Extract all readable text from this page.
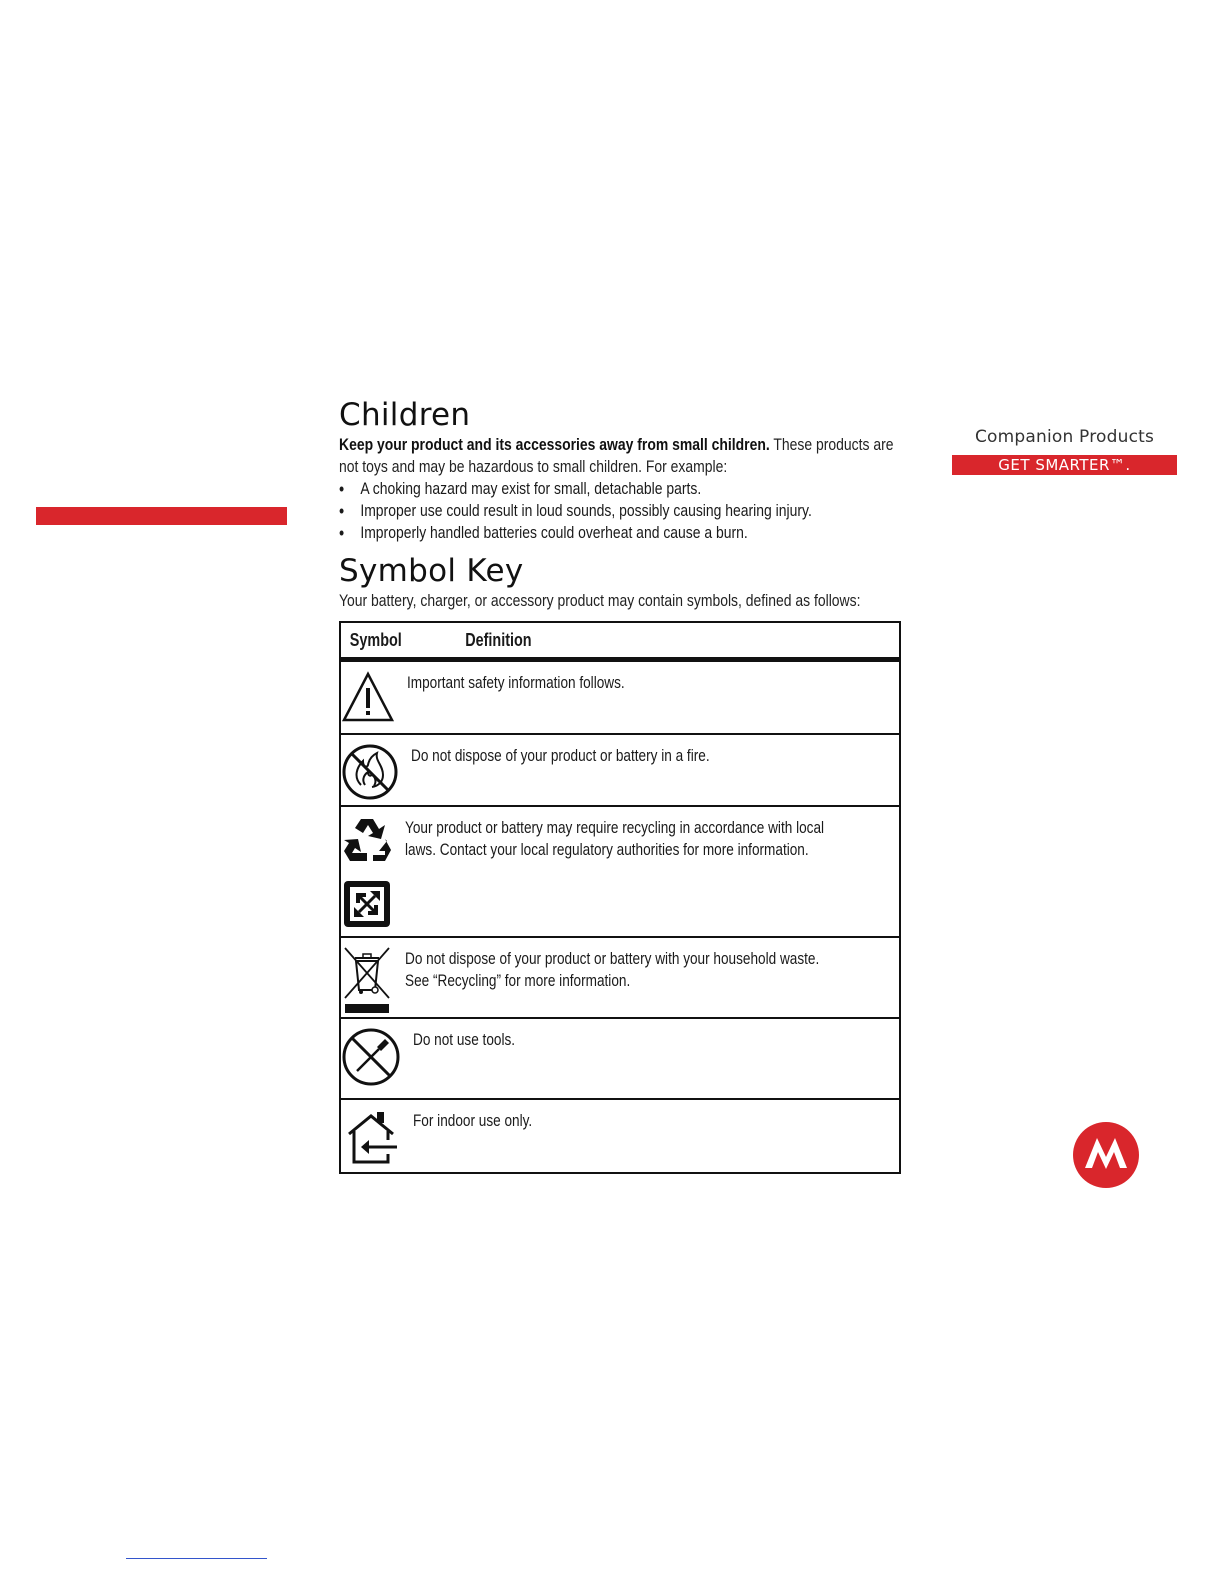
Companion Products
GET SMARTER™.
Children

Keep your product and its accessories away from small children. These products are not toys and may be hazardous to small children. For example:

• A choking hazard may exist for small, detachable parts.
• Improper use could result in loud sounds, possibly causing hearing injury.
• Improperly handled batteries could overheat and cause a burn.
Symbol Key

Your battery, charger, or accessory product may contain symbols, defined as follows:

Symbol	Definition
Important safety information follows.
Do not dispose of your product or battery in a fire.
Your product or battery may require recycling in accordance with local laws. Contact your local regulatory authorities for more information.
Do not dispose of your product or battery with your household waste. See “Recycling” for more information.
Do not use tools.
For indoor use only.
